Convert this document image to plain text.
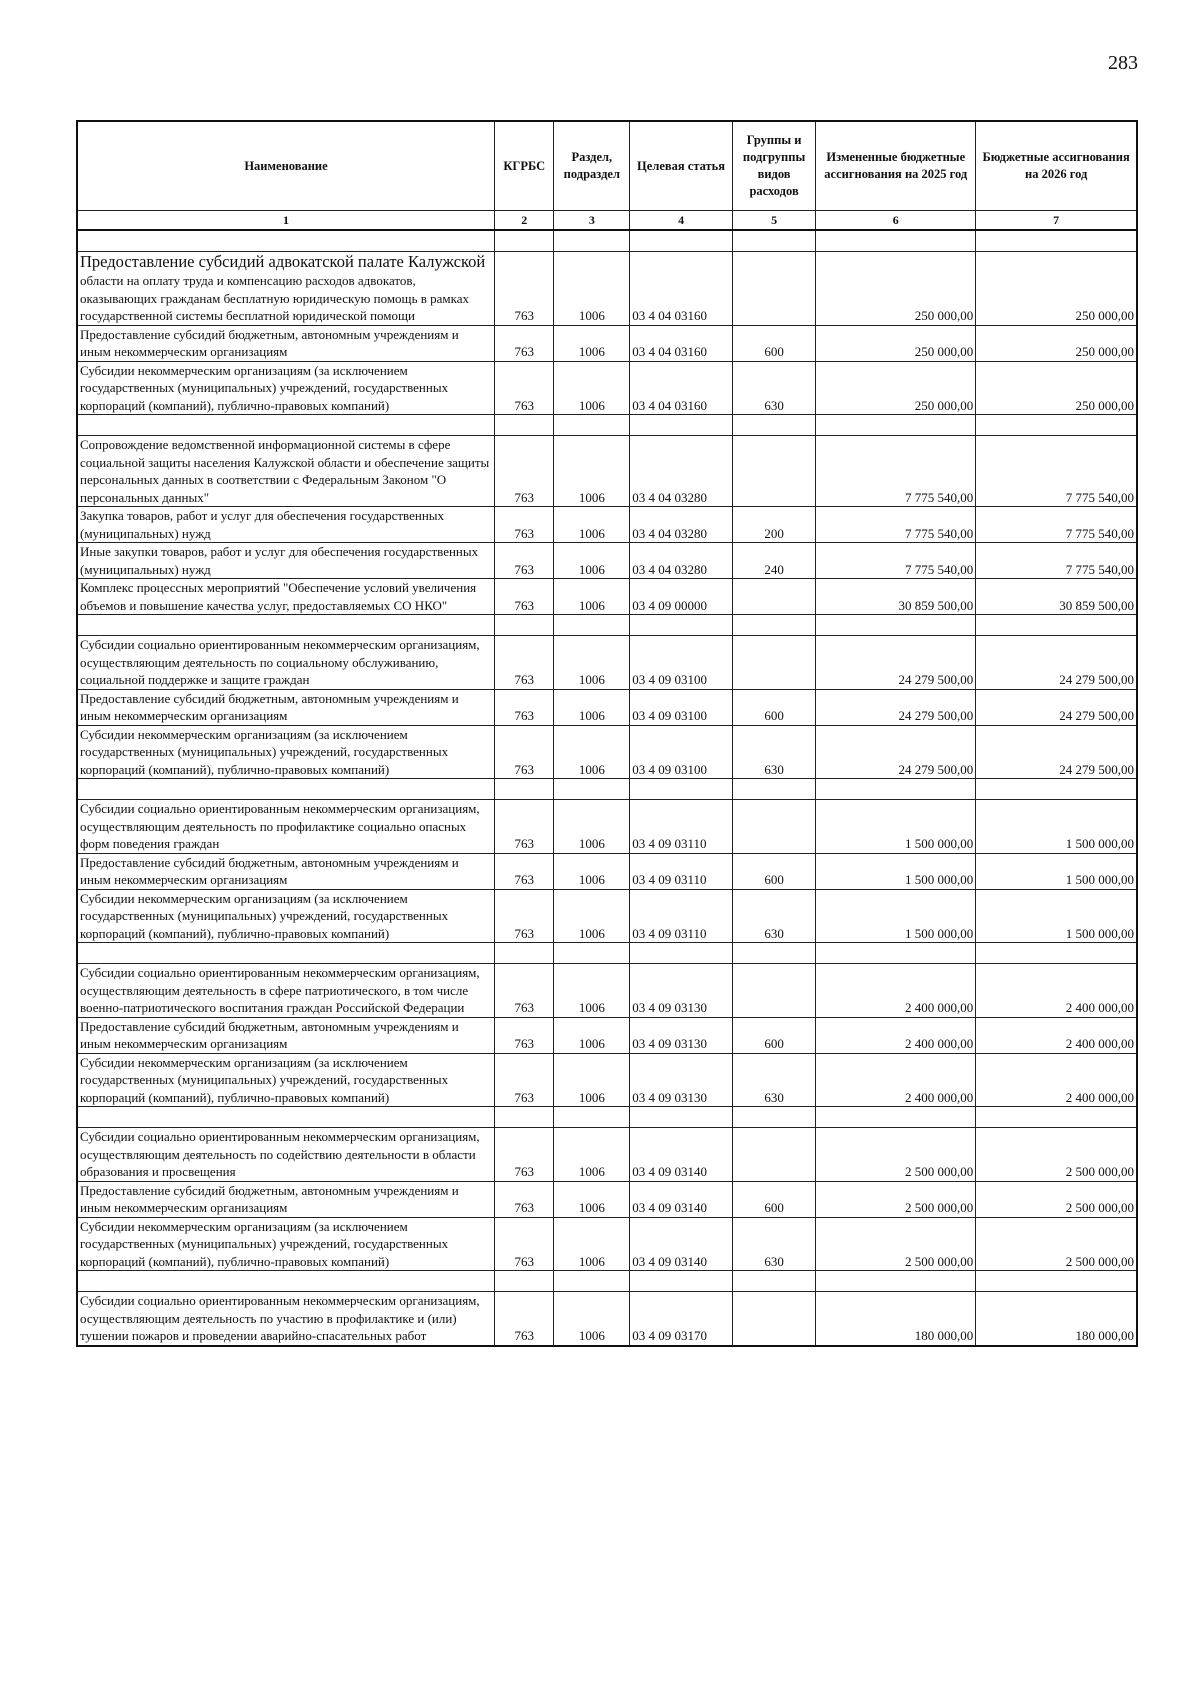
283
Наименование	КГРБС	Раздел, подраздел	Целевая статья	Группы и подгруппы видов расходов	Измененные бюджетные ассигнования на 2025 год	Бюджетные ассигнования на 2026 год
1	2	3	4	5	6	7

Предоставление субсидий адвокатской палате Калужской
области на оплату труда и компенсацию расходов адвокатов, оказывающих гражданам бесплатную юридическую помощь в рамках государственной системы бесплатной юридической помощи	763	1006	03 4 04 03160		250 000,00	250 000,00
Предоставление субсидий бюджетным, автономным учреждениям и иным некоммерческим организациям	763	1006	03 4 04 03160	600	250 000,00	250 000,00
Субсидии некоммерческим организациям (за исключением государственных (муниципальных) учреждений, государственных корпораций (компаний), публично-правовых компаний)	763	1006	03 4 04 03160	630	250 000,00	250 000,00

Сопровождение ведомственной информационной системы в сфере социальной защиты населения Калужской области и обеспечение защиты персональных данных в соответствии с Федеральным Законом "О персональных данных"	763	1006	03 4 04 03280		7 775 540,00	7 775 540,00
Закупка товаров, работ и услуг для обеспечения государственных (муниципальных) нужд	763	1006	03 4 04 03280	200	7 775 540,00	7 775 540,00
Иные закупки товаров, работ и услуг для обеспечения государственных (муниципальных) нужд	763	1006	03 4 04 03280	240	7 775 540,00	7 775 540,00
Комплекс процессных мероприятий "Обеспечение условий увеличения объемов и повышение качества услуг, предоставляемых СО НКО"	763	1006	03 4 09 00000		30 859 500,00	30 859 500,00

Субсидии социально ориентированным некоммерческим организациям, осуществляющим деятельность по социальному обслуживанию, социальной поддержке и защите граждан	763	1006	03 4 09 03100		24 279 500,00	24 279 500,00
Предоставление субсидий бюджетным, автономным учреждениям и иным некоммерческим организациям	763	1006	03 4 09 03100	600	24 279 500,00	24 279 500,00
Субсидии некоммерческим организациям (за исключением государственных (муниципальных) учреждений, государственных корпораций (компаний), публично-правовых компаний)	763	1006	03 4 09 03100	630	24 279 500,00	24 279 500,00

Субсидии социально ориентированным некоммерческим организациям, осуществляющим деятельность по профилактике социально опасных форм поведения граждан	763	1006	03 4 09 03110		1 500 000,00	1 500 000,00
Предоставление субсидий бюджетным, автономным учреждениям и иным некоммерческим организациям	763	1006	03 4 09 03110	600	1 500 000,00	1 500 000,00
Субсидии некоммерческим организациям (за исключением государственных (муниципальных) учреждений, государственных корпораций (компаний), публично-правовых компаний)	763	1006	03 4 09 03110	630	1 500 000,00	1 500 000,00

Субсидии социально ориентированным некоммерческим организациям, осуществляющим деятельность в сфере патриотического, в том числе военно-патриотического воспитания граждан Российской Федерации	763	1006	03 4 09 03130		2 400 000,00	2 400 000,00
Предоставление субсидий бюджетным, автономным учреждениям и иным некоммерческим организациям	763	1006	03 4 09 03130	600	2 400 000,00	2 400 000,00
Субсидии некоммерческим организациям (за исключением государственных (муниципальных) учреждений, государственных корпораций (компаний), публично-правовых компаний)	763	1006	03 4 09 03130	630	2 400 000,00	2 400 000,00

Субсидии социально ориентированным некоммерческим организациям, осуществляющим деятельность по содействию деятельности в области образования и просвещения	763	1006	03 4 09 03140		2 500 000,00	2 500 000,00
Предоставление субсидий бюджетным, автономным учреждениям и иным некоммерческим организациям	763	1006	03 4 09 03140	600	2 500 000,00	2 500 000,00
Субсидии некоммерческим организациям (за исключением государственных (муниципальных) учреждений, государственных корпораций (компаний), публично-правовых компаний)	763	1006	03 4 09 03140	630	2 500 000,00	2 500 000,00

Субсидии социально ориентированным некоммерческим организациям, осуществляющим деятельность по участию в профилактике и (или) тушении пожаров и проведении аварийно-спасательных работ	763	1006	03 4 09 03170		180 000,00	180 000,00
